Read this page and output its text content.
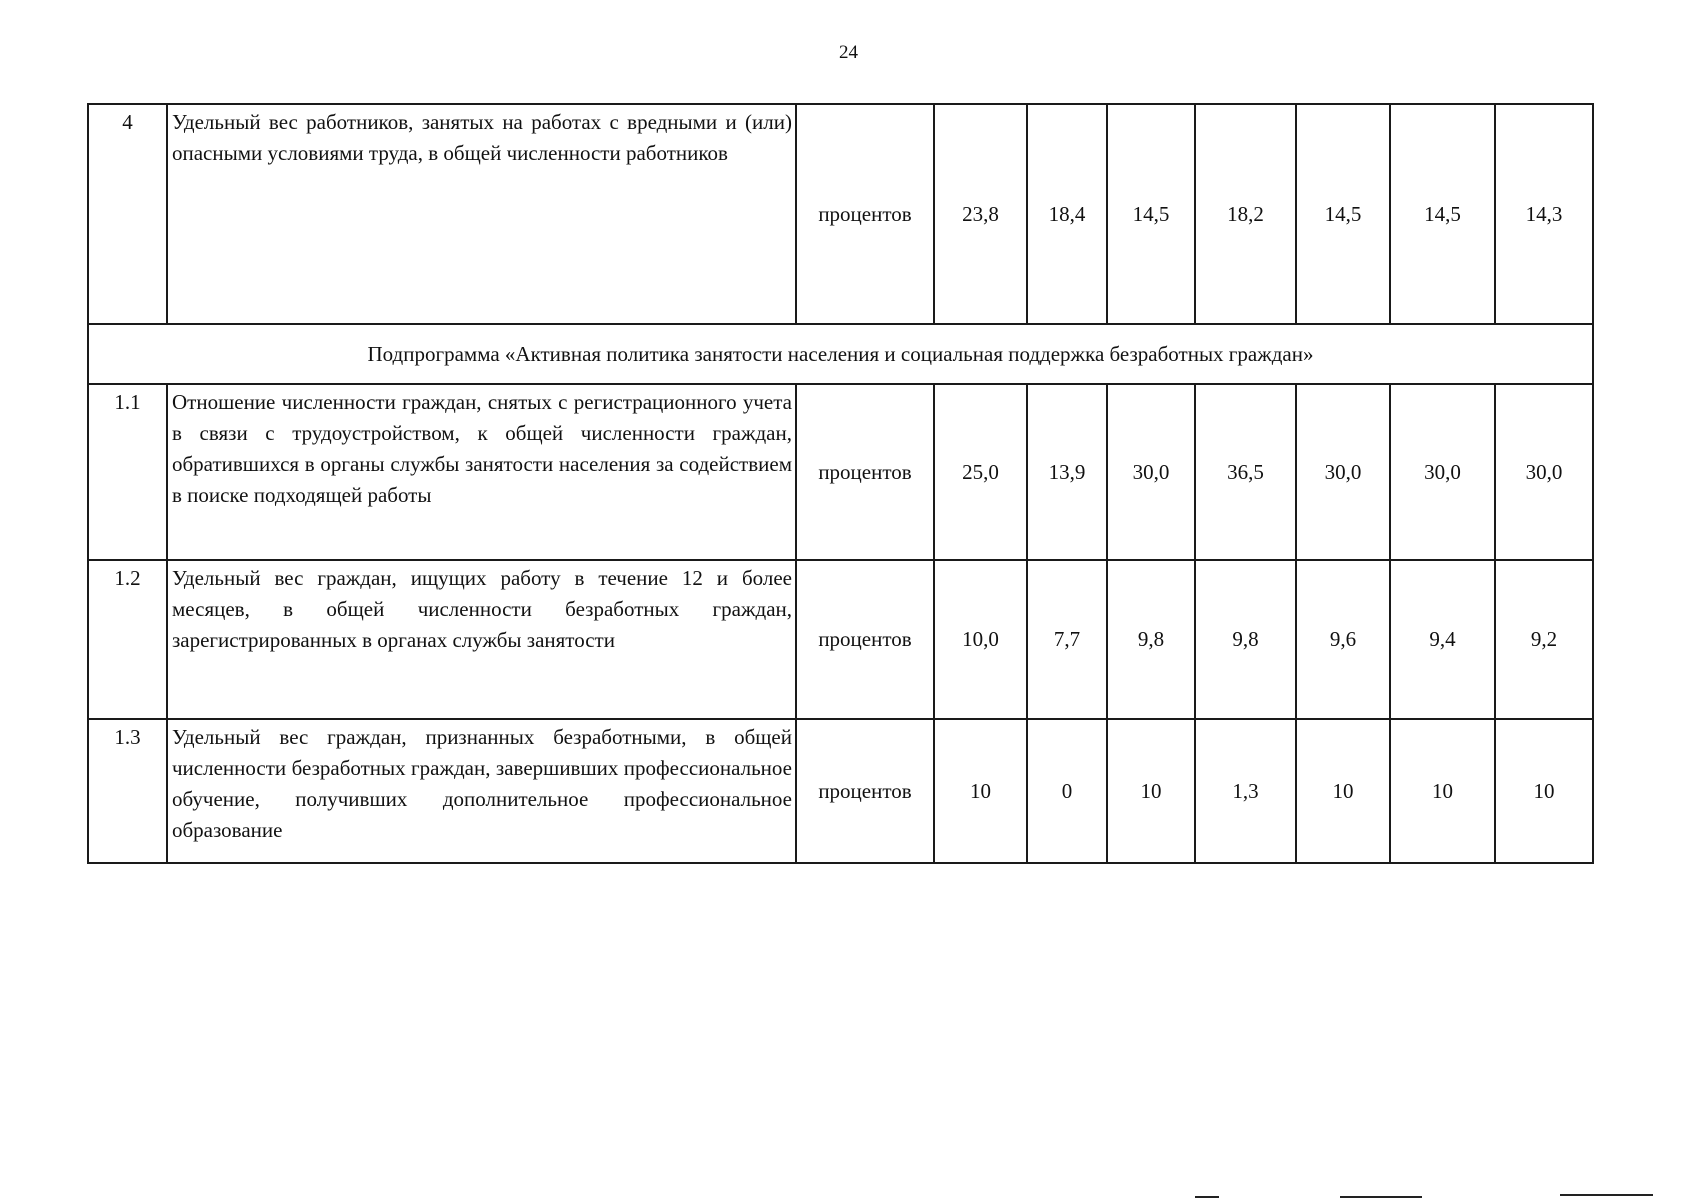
24
4	Удельный вес работников, занятых на работах с вредными и (или) опасными условиями труда, в общей численности работников	процентов	23,8	18,4	14,5	18,2	14,5	14,5	14,3
Подпрограмма «Активная политика занятости населения и социальная поддержка безработных граждан»									
1.1	Отношение численности граждан, снятых с регистрационного учета в связи с трудоустройством, к общей численности граждан, обратившихся в органы службы занятости населения за содействием в поиске подходящей работы	процентов	25,0	13,9	30,0	36,5	30,0	30,0	30,0
1.2	Удельный вес граждан, ищущих работу в течение 12 и более месяцев, в общей численности безработных граждан, зарегистрированных в органах службы занятости	процентов	10,0	7,7	9,8	9,8	9,6	9,4	9,2
1.3	Удельный вес граждан, признанных безработными, в общей численности безработных граждан, завершивших профессиональное обучение, получивших дополнительное профессиональное образование	процентов	10	0	10	1,3	10	10	10
